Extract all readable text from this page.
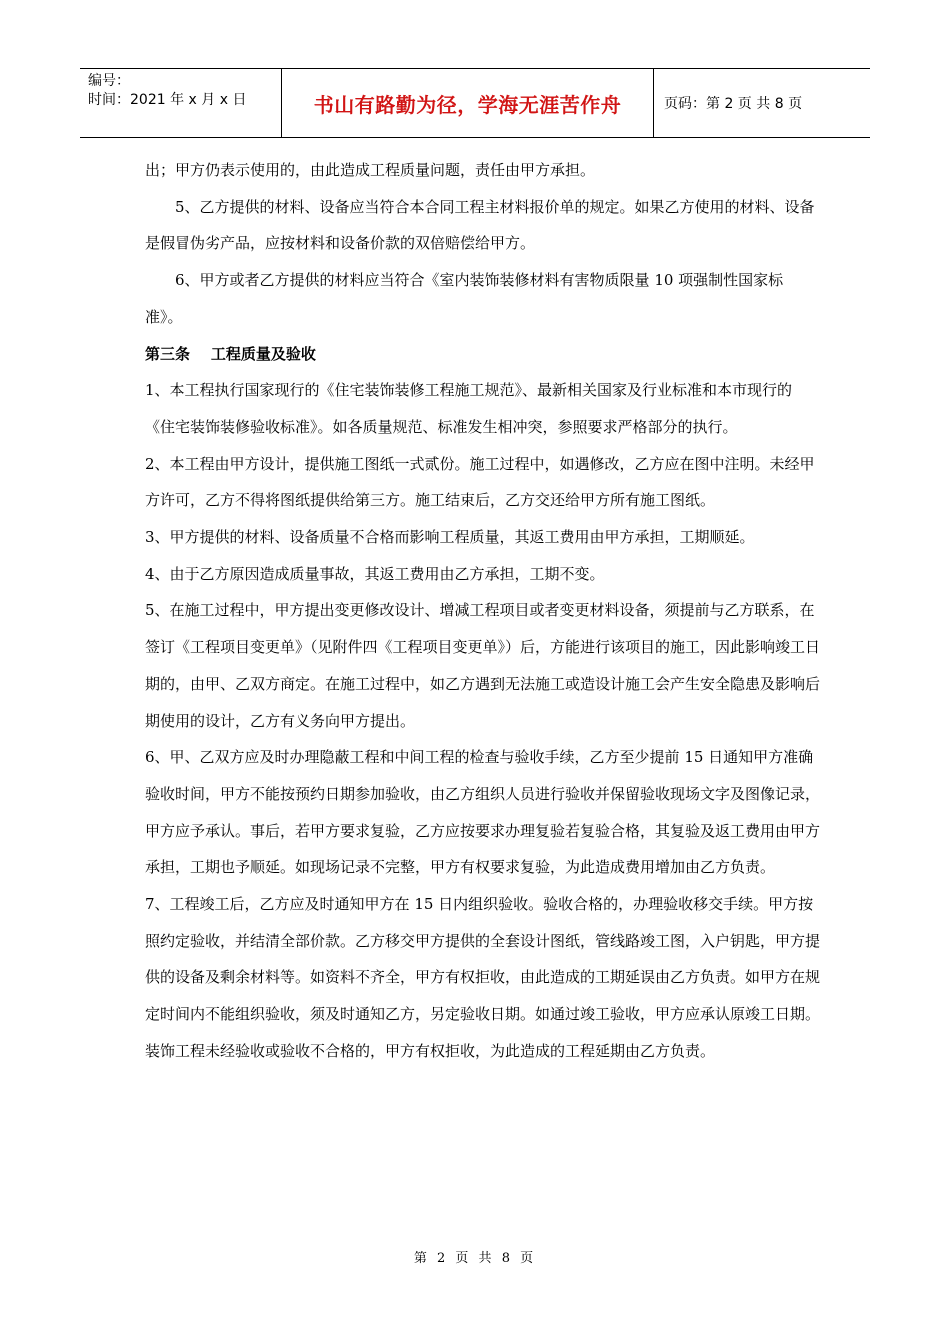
编号：
时间：2021 年 x 月 x 日	书山有路勤为径，学海无涯苦作舟	页码：第 2 页 共 8 页

出；甲方仍表示使用的，由此造成工程质量问题，责任由甲方承担。

5、乙方提供的材料、设备应当符合本合同工程主材料报价单的规定。如果乙方使用的材料、设备是假冒伪劣产品，应按材料和设备价款的双倍赔偿给甲方。

6、甲方或者乙方提供的材料应当符合《室内装饰装修材料有害物质限量 10 项强制性国家标准》。

第三条    工程质量及验收

1、本工程执行国家现行的《住宅装饰装修工程施工规范》、最新相关国家及行业标准和本市现行的《住宅装饰装修验收标准》。如各质量规范、标准发生相冲突，参照要求严格部分的执行。

2、本工程由甲方设计，提供施工图纸一式贰份。施工过程中，如遇修改，乙方应在图中注明。未经甲方许可，乙方不得将图纸提供给第三方。施工结束后，乙方交还给甲方所有施工图纸。

3、甲方提供的材料、设备质量不合格而影响工程质量，其返工费用由甲方承担，工期顺延。

4、由于乙方原因造成质量事故，其返工费用由乙方承担，工期不变。

5、在施工过程中，甲方提出变更修改设计、增减工程项目或者变更材料设备，须提前与乙方联系，在签订《工程项目变更单》（见附件四《工程项目变更单》）后，方能进行该项目的施工，因此影响竣工日期的，由甲、乙双方商定。在施工过程中，如乙方遇到无法施工或造设计施工会产生安全隐患及影响后期使用的设计，乙方有义务向甲方提出。

6、甲、乙双方应及时办理隐蔽工程和中间工程的检查与验收手续，乙方至少提前 15 日通知甲方准确验收时间，甲方不能按预约日期参加验收，由乙方组织人员进行验收并保留验收现场文字及图像记录，甲方应予承认。事后，若甲方要求复验，乙方应按要求办理复验若复验合格，其复验及返工费用由甲方承担，工期也予顺延。如现场记录不完整，甲方有权要求复验，为此造成费用增加由乙方负责。

7、工程竣工后，乙方应及时通知甲方在 15 日内组织验收。验收合格的，办理验收移交手续。甲方按照约定验收，并结清全部价款。乙方移交甲方提供的全套设计图纸，管线路竣工图，入户钥匙，甲方提供的设备及剩余材料等。如资料不齐全，甲方有权拒收，由此造成的工期延误由乙方负责。如甲方在规定时间内不能组织验收，须及时通知乙方，另定验收日期。如通过竣工验收，甲方应承认原竣工日期。装饰工程未经验收或验收不合格的，甲方有权拒收，为此造成的工程延期由乙方负责。

第 2 页 共 8 页
